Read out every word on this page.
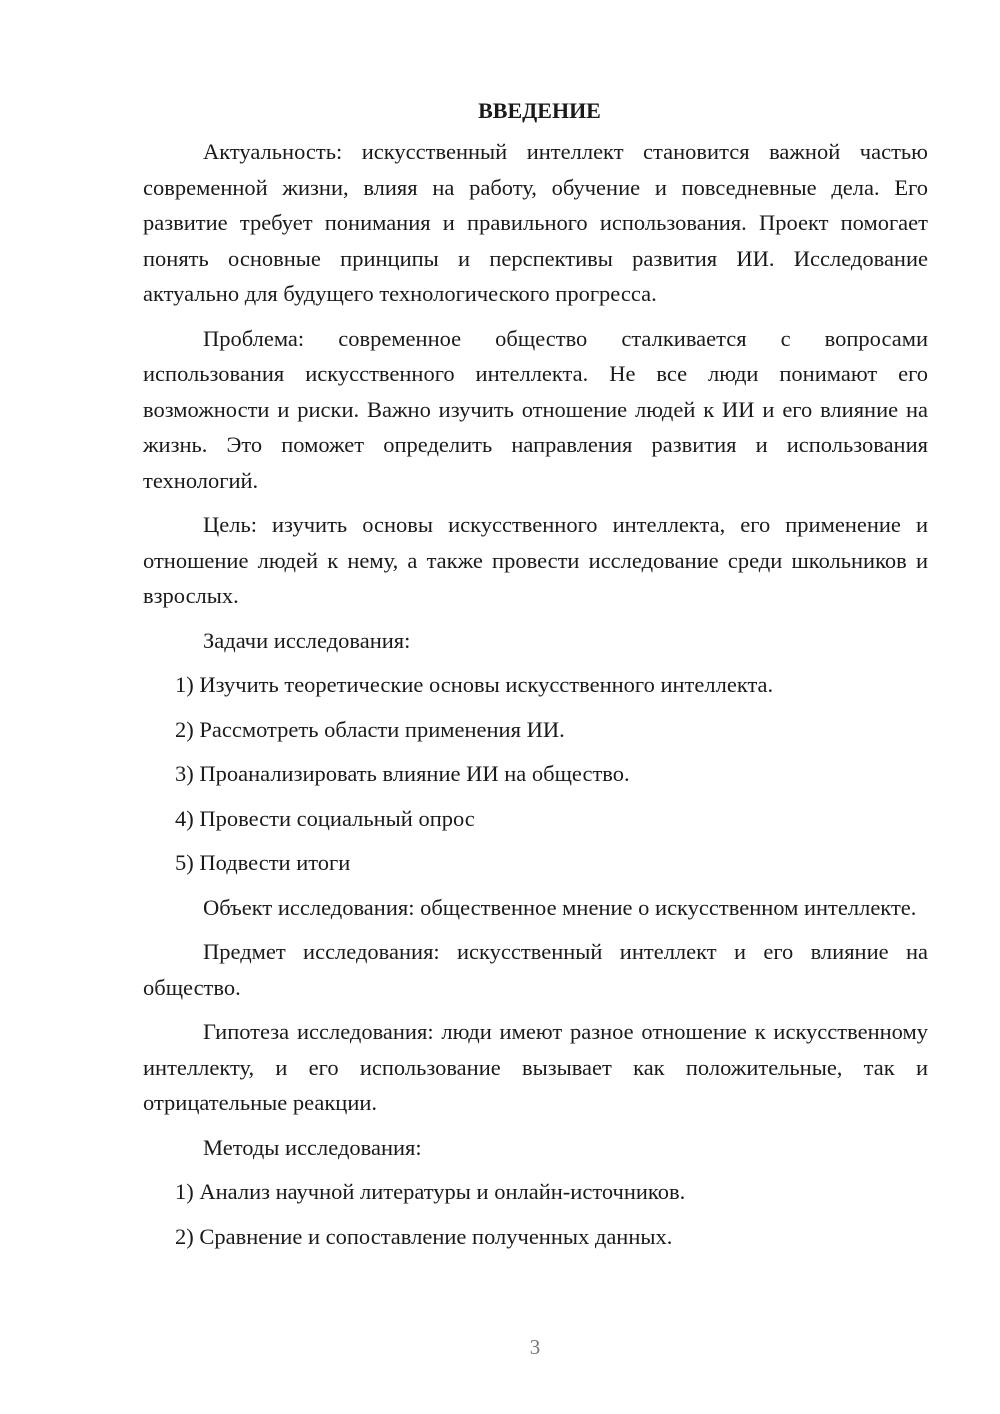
ВВЕДЕНИЕ

Актуальность: искусственный интеллект становится важной частью современной жизни, влияя на работу, обучение и повседневные дела. Его развитие требует понимания и правильного использования. Проект помогает понять основные принципы и перспективы развития ИИ. Исследование актуально для будущего технологического прогресса.

Проблема: современное общество сталкивается с вопросами использования искусственного интеллекта. Не все люди понимают его возможности и риски. Важно изучить отношение людей к ИИ и его влияние на жизнь. Это поможет определить направления развития и использования технологий.

Цель: изучить основы искусственного интеллекта, его применение и отношение людей к нему, а также провести исследование среди школьников и взрослых.

Задачи исследования:

1) Изучить теоретические основы искусственного интеллекта.

2) Рассмотреть области применения ИИ.

3) Проанализировать влияние ИИ на общество.

4) Провести социальный опрос

5) Подвести итоги

Объект исследования: общественное мнение о искусственном интеллекте.

Предмет исследования: искусственный интеллект и его влияние на общество.

Гипотеза исследования: люди имеют разное отношение к искусственному интеллекту, и его использование вызывает как положительные, так и отрицательные реакции.

Методы исследования:

1) Анализ научной литературы и онлайн-источников.

2) Сравнение и сопоставление полученных данных.

3
